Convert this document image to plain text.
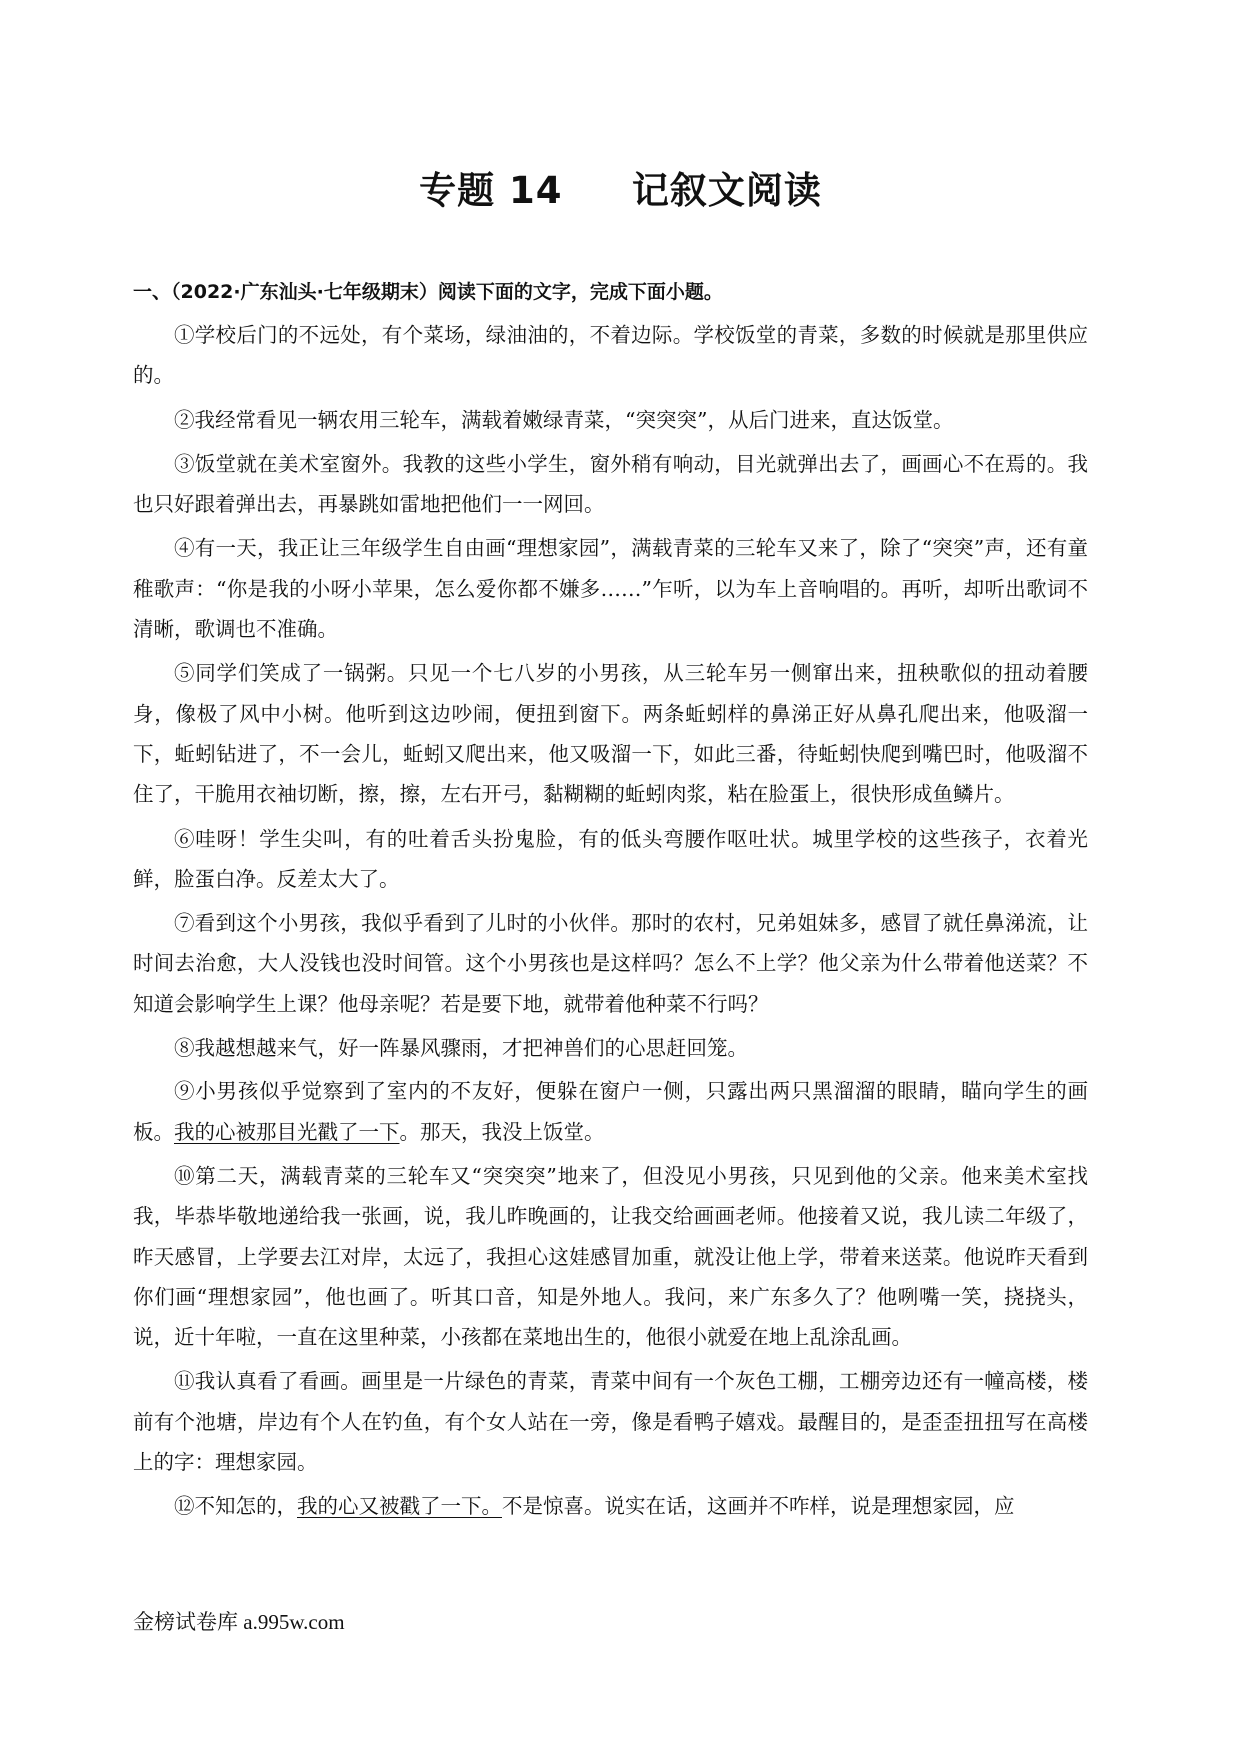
专题 14     记叙文阅读
一、（2022·广东汕头·七年级期末）阅读下面的文字，完成下面小题。

①学校后门的不远处，有个菜场，绿油油的，不着边际。学校饭堂的青菜，多数的时候就是那里供应的。

②我经常看见一辆农用三轮车，满载着嫩绿青菜，“突突突”，从后门进来，直达饭堂。

③饭堂就在美术室窗外。我教的这些小学生，窗外稍有响动，目光就弹出去了，画画心不在焉的。我也只好跟着弹出去，再暴跳如雷地把他们一一网回。

④有一天，我正让三年级学生自由画“理想家园”，满载青菜的三轮车又来了，除了“突突”声，还有童稚歌声：“你是我的小呀小苹果，怎么爱你都不嫌多……”乍听，以为车上音响唱的。再听，却听出歌词不清晰，歌调也不准确。

⑤同学们笑成了一锅粥。只见一个七八岁的小男孩，从三轮车另一侧窜出来，扭秧歌似的扭动着腰身，像极了风中小树。他听到这边吵闹，便扭到窗下。两条蚯蚓样的鼻涕正好从鼻孔爬出来，他吸溜一下，蚯蚓钻进了，不一会儿，蚯蚓又爬出来，他又吸溜一下，如此三番，待蚯蚓快爬到嘴巴时，他吸溜不住了，干脆用衣袖切断，擦，擦，左右开弓，黏糊糊的蚯蚓肉浆，粘在脸蛋上，很快形成鱼鳞片。

⑥哇呀！学生尖叫，有的吐着舌头扮鬼脸，有的低头弯腰作呕吐状。城里学校的这些孩子，衣着光鲜，脸蛋白净。反差太大了。

⑦看到这个小男孩，我似乎看到了儿时的小伙伴。那时的农村，兄弟姐妹多，感冒了就任鼻涕流，让时间去治愈，大人没钱也没时间管。这个小男孩也是这样吗？怎么不上学？他父亲为什么带着他送菜？不知道会影响学生上课？他母亲呢？若是要下地，就带着他种菜不行吗？

⑧我越想越来气，好一阵暴风骤雨，才把神兽们的心思赶回笼。

⑨小男孩似乎觉察到了室内的不友好，便躲在窗户一侧，只露出两只黑溜溜的眼睛，瞄向学生的画板。我的心被那目光戳了一下。那天，我没上饭堂。

⑩第二天，满载青菜的三轮车又“突突突”地来了，但没见小男孩，只见到他的父亲。他来美术室找我，毕恭毕敬地递给我一张画，说，我儿昨晚画的，让我交给画画老师。他接着又说，我儿读二年级了，昨天感冒，上学要去江对岸，太远了，我担心这娃感冒加重，就没让他上学，带着来送菜。他说昨天看到你们画“理想家园”，他也画了。听其口音，知是外地人。我问，来广东多久了？他咧嘴一笑，挠挠头，说，近十年啦，一直在这里种菜，小孩都在菜地出生的，他很小就爱在地上乱涂乱画。

⑪我认真看了看画。画里是一片绿色的青菜，青菜中间有一个灰色工棚，工棚旁边还有一幢高楼，楼前有个池塘，岸边有个人在钓鱼，有个女人站在一旁，像是看鸭子嬉戏。最醒目的，是歪歪扭扭写在高楼上的字：理想家园。

⑫不知怎的，我的心又被戳了一下。不是惊喜。说实在话，这画并不咋样，说是理想家园，应

金榜试卷库 a.995w.com
